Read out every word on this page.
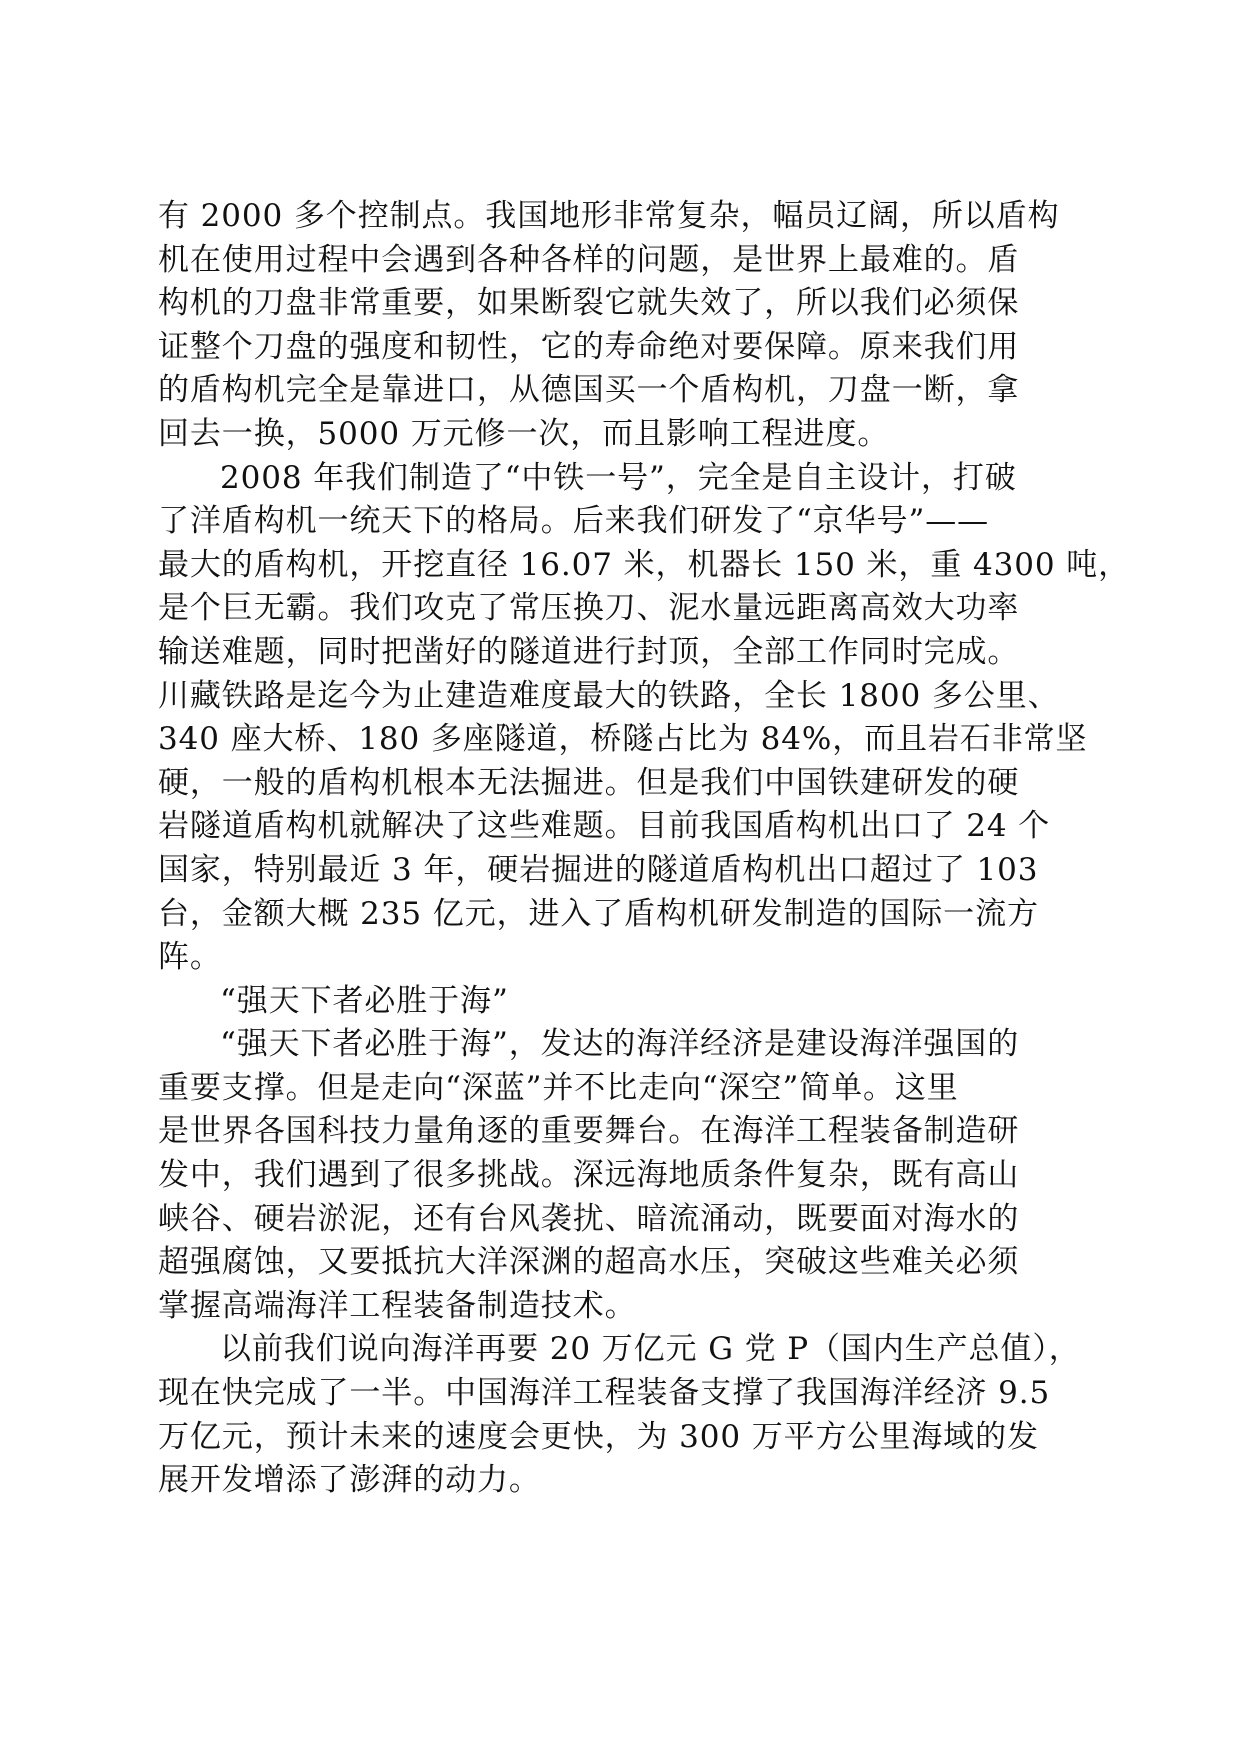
有 2000 多个控制点。我国地形非常复杂，幅员辽阔，所以盾构
机在使用过程中会遇到各种各样的问题，是世界上最难的。盾
构机的刀盘非常重要，如果断裂它就失效了，所以我们必须保
证整个刀盘的强度和韧性，它的寿命绝对要保障。原来我们用
的盾构机完全是靠进口，从德国买一个盾构机，刀盘一断，拿
回去一换，5000 万元修一次，而且影响工程进度。
2008 年我们制造了“中铁一号”，完全是自主设计，打破
了洋盾构机一统天下的格局。后来我们研发了“京华号”——
最大的盾构机，开挖直径 16.07 米，机器长 150 米，重 4300 吨，
是个巨无霸。我们攻克了常压换刀、泥水量远距离高效大功率
输送难题，同时把凿好的隧道进行封顶，全部工作同时完成。
川藏铁路是迄今为止建造难度最大的铁路，全长 1800 多公里、
340 座大桥、180 多座隧道，桥隧占比为 84%，而且岩石非常坚
硬，一般的盾构机根本无法掘进。但是我们中国铁建研发的硬
岩隧道盾构机就解决了这些难题。目前我国盾构机出口了 24 个
国家，特别最近 3 年，硬岩掘进的隧道盾构机出口超过了 103
台，金额大概 235 亿元，进入了盾构机研发制造的国际一流方
阵。
“强天下者必胜于海”
“强天下者必胜于海”，发达的海洋经济是建设海洋强国的
重要支撑。但是走向“深蓝”并不比走向“深空”简单。这里
是世界各国科技力量角逐的重要舞台。在海洋工程装备制造研
发中，我们遇到了很多挑战。深远海地质条件复杂，既有高山
峡谷、硬岩淤泥，还有台风袭扰、暗流涌动，既要面对海水的
超强腐蚀，又要抵抗大洋深渊的超高水压，突破这些难关必须
掌握高端海洋工程装备制造技术。
以前我们说向海洋再要 20 万亿元 G 党 P（国内生产总值），
现在快完成了一半。中国海洋工程装备支撑了我国海洋经济 9.5
万亿元，预计未来的速度会更快，为 300 万平方公里海域的发
展开发增添了澎湃的动力。
